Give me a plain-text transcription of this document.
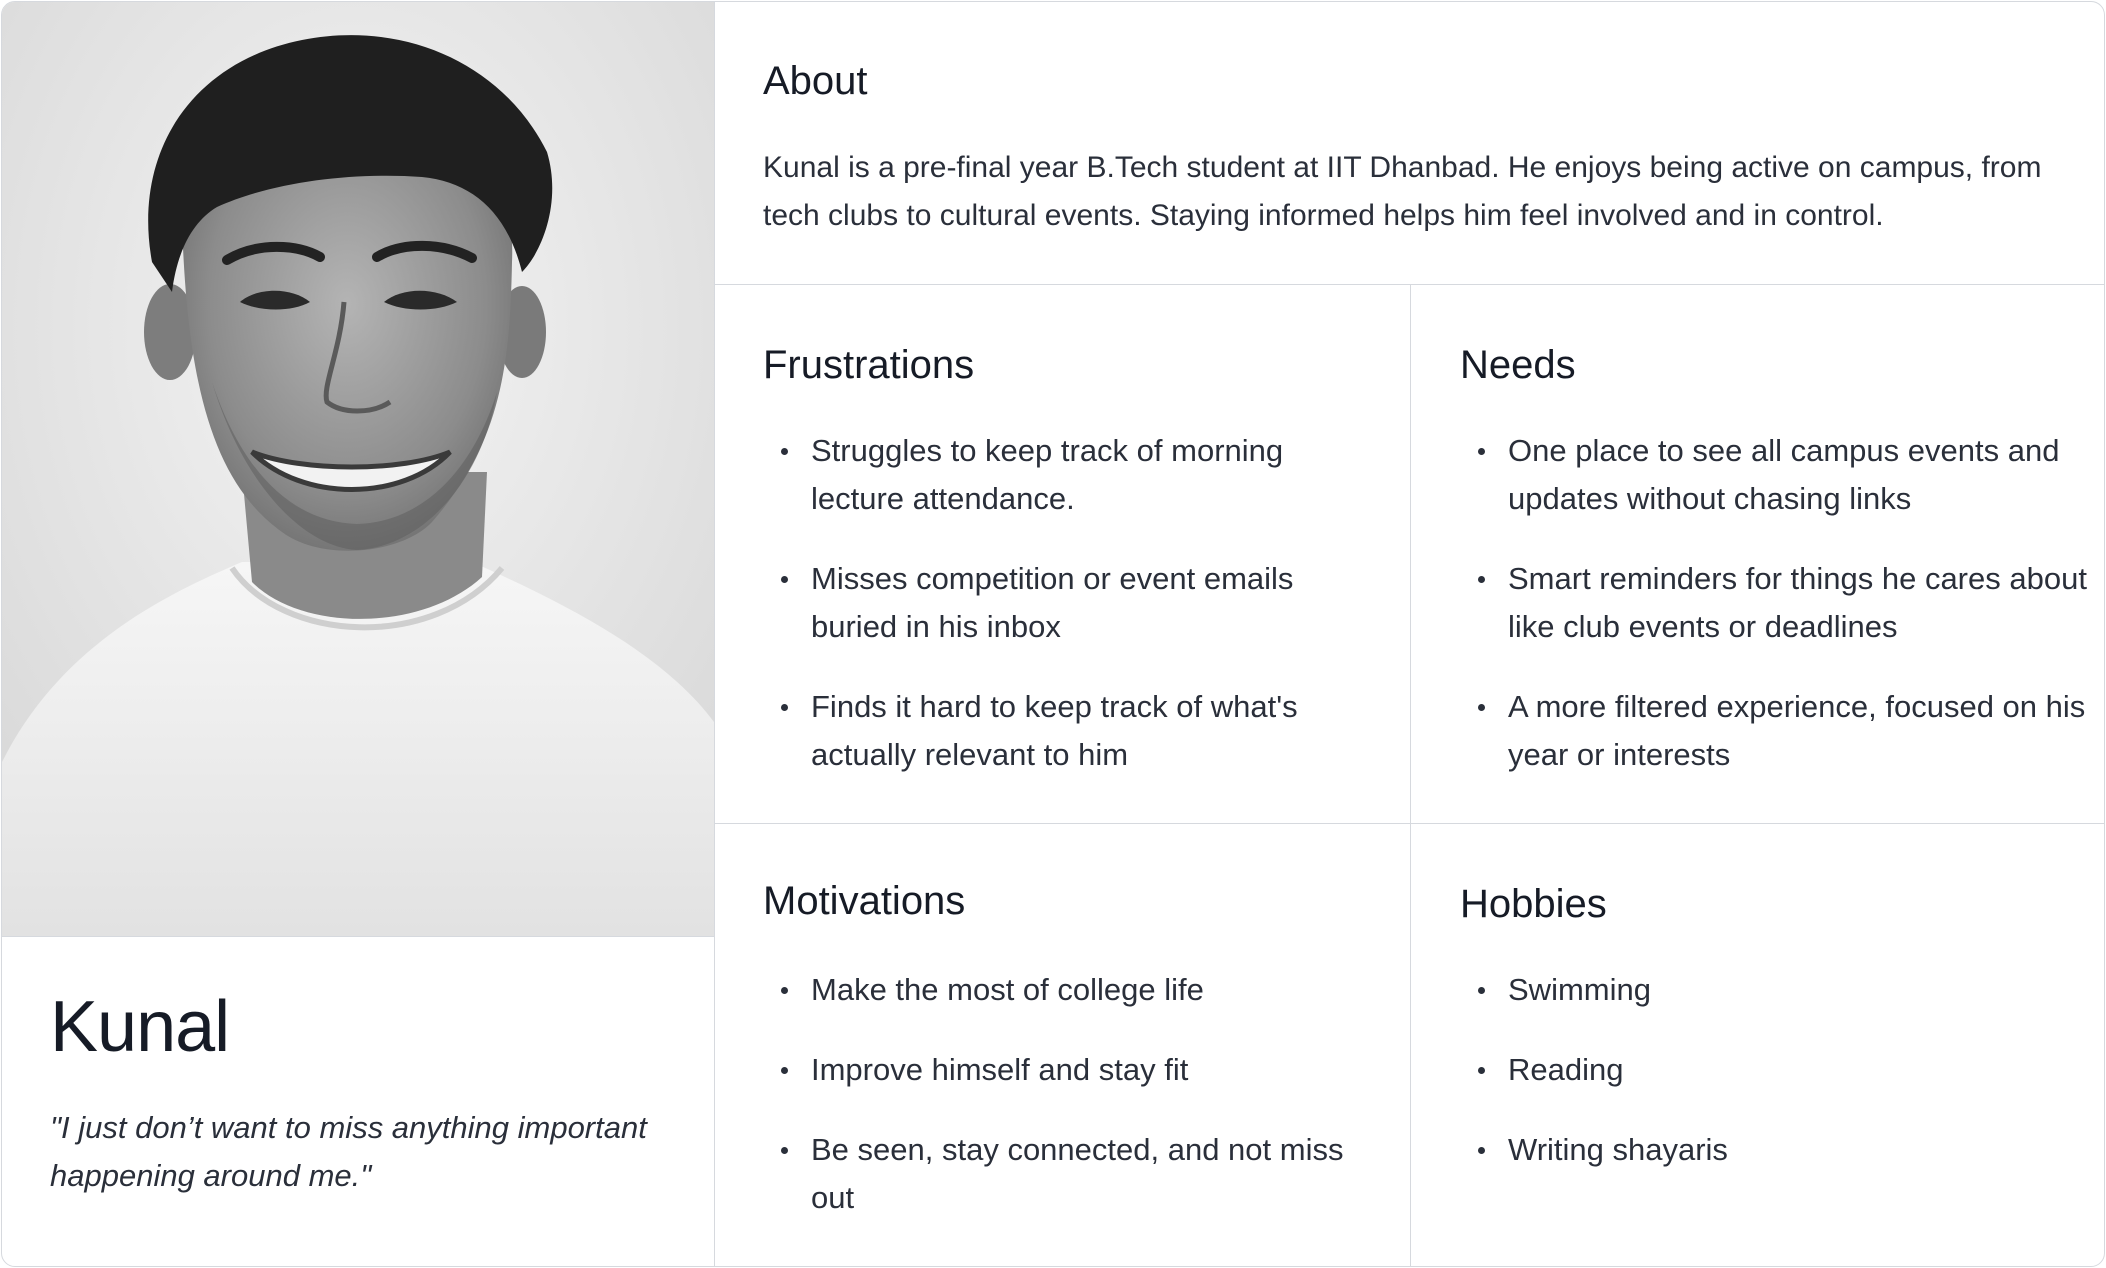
Kunal
"I just don’t want to miss anything important happening around me."
About

Kunal is a pre-final year B.Tech student at IIT Dhanbad. He enjoys being active on campus, from tech clubs to cultural events. Staying informed helps him feel involved and in control.

Frustrations
Struggles to keep track of morning lecture attendance.
Misses competition or event emails buried in his inbox
Finds it hard to keep track of what's actually relevant to him
Needs
One place to see all campus events and updates without chasing links
Smart reminders for things he cares about like club events or deadlines
A more filtered experience, focused on his year or interests
Motivations
Make the most of college life
Improve himself and stay fit
Be seen, stay connected, and not miss out
Hobbies
Swimming
Reading
Writing shayaris
